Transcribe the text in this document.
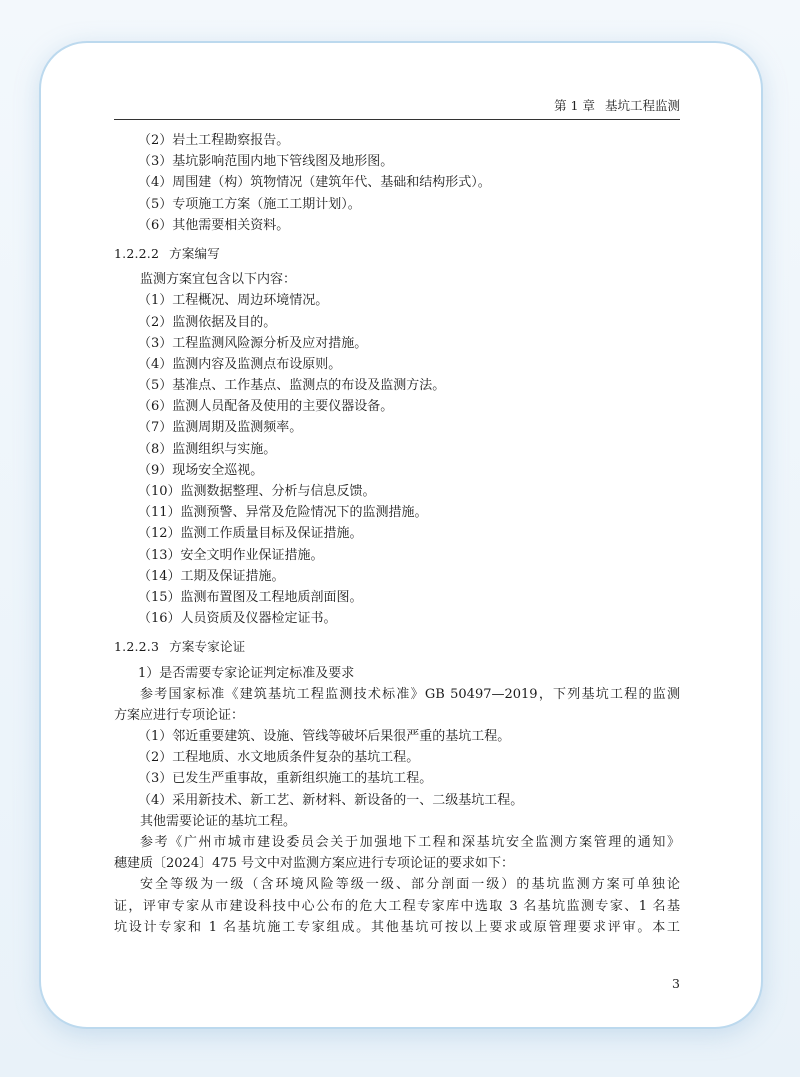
第 1 章 基坑工程监测
（2）岩土工程勘察报告。
（3）基坑影响范围内地下管线图及地形图。
（4）周围建（构）筑物情况（建筑年代、基础和结构形式）。
（5）专项施工方案（施工工期计划）。
（6）其他需要相关资料。
1.2.2.2 方案编写
监测方案宜包含以下内容：
（1）工程概况、周边环境情况。
（2）监测依据及目的。
（3）工程监测风险源分析及应对措施。
（4）监测内容及监测点布设原则。
（5）基准点、工作基点、监测点的布设及监测方法。
（6）监测人员配备及使用的主要仪器设备。
（7）监测周期及监测频率。
（8）监测组织与实施。
（9）现场安全巡视。
（10）监测数据整理、分析与信息反馈。
（11）监测预警、异常及危险情况下的监测措施。
（12）监测工作质量目标及保证措施。
（13）安全文明作业保证措施。
（14）工期及保证措施。
（15）监测布置图及工程地质剖面图。
（16）人员资质及仪器检定证书。
1.2.2.3 方案专家论证
1）是否需要专家论证判定标准及要求
参考国家标准《建筑基坑工程监测技术标准》GB 50497—2019，下列基坑工程的监测
方案应进行专项论证：
（1）邻近重要建筑、设施、管线等破坏后果很严重的基坑工程。
（2）工程地质、水文地质条件复杂的基坑工程。
（3）已发生严重事故，重新组织施工的基坑工程。
（4）采用新技术、新工艺、新材料、新设备的一、二级基坑工程。
其他需要论证的基坑工程。
参考《广州市城市建设委员会关于加强地下工程和深基坑安全监测方案管理的通知》
穗建质〔2024〕475 号文中对监测方案应进行专项论证的要求如下：
安全等级为一级（含环境风险等级一级、部分剖面一级）的基坑监测方案可单独论
证，评审专家从市建设科技中心公布的危大工程专家库中选取 3 名基坑监测专家、1 名基
坑设计专家和 1 名基坑施工专家组成。其他基坑可按以上要求或原管理要求评审。本工
3
